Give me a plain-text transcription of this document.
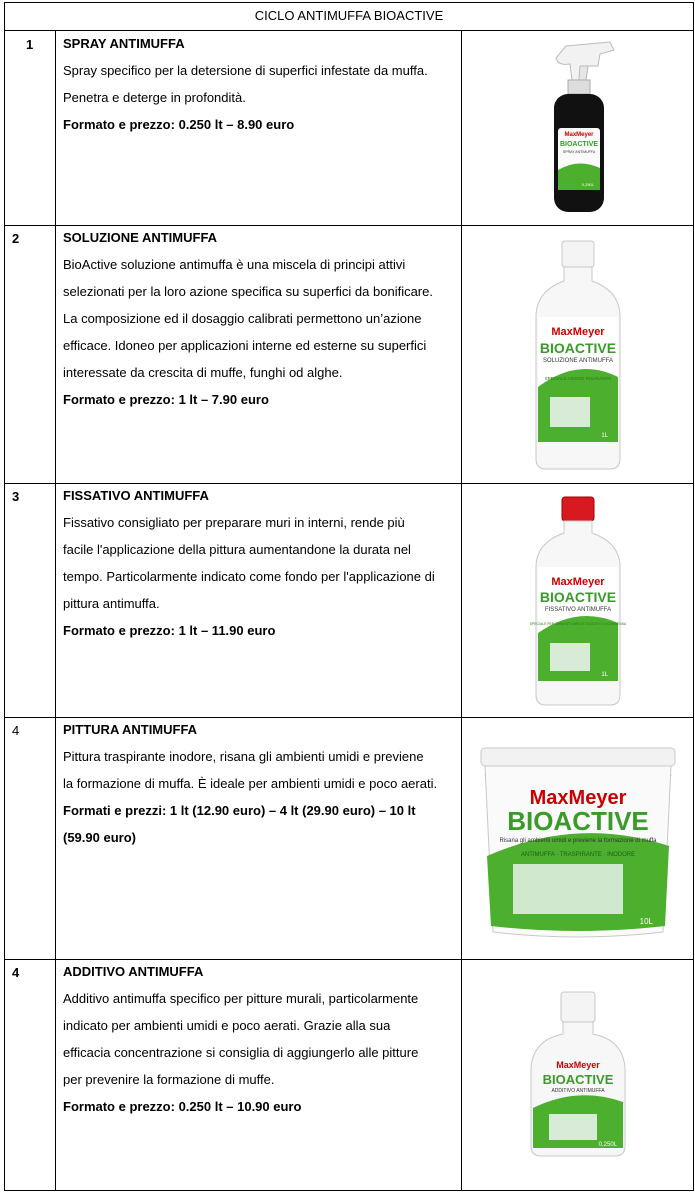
CICLO ANTIMUFFA BIOACTIVE
1 SPRAY ANTIMUFFA
Spray specifico per la detersione di superfici infestate da muffa.
Penetra e deterge in profondità.
Formato e prezzo: 0.250 lt – 8.90 euro
MaxMeyer
BIOACTIVE
SPRAY ANTIMUFFA
0,250L
2	SOLUZIONE ANTIMUFFA
BioActive soluzione antimuffa è una miscela di principi attivi
selezionati per la loro azione specifica su superfici da bonificare.
La composizione ed il dosaggio calibrati permettono un’azione
efficace. Idoneo per applicazioni interne ed esterne su superfici
interessate da crescita di muffe, funghi od alghe.
Formato e prezzo: 1 lt – 7.90 euro
MaxMeyer
BIOACTIVE
SOLUZIONE ANTIMUFFA
SPECIALE AZIONE RISANANTE
1L
3	FISSATIVO ANTIMUFFA
Fissativo consigliato per preparare muri in interni, rende più
facile l'applicazione della pittura aumentandone la durata nel
tempo. Particolarmente indicato come fondo per l'applicazione di
pittura antimuffa.
Formato e prezzo: 1 lt – 11.90 euro
MaxMeyer
BIOACTIVE
FISSATIVO ANTIMUFFA
SPECIALE PER AMBIENTI UMIDI E SOGGETTI A CONDENSA
1L
4	PITTURA ANTIMUFFA
Pittura traspirante inodore, risana gli ambienti umidi e previene
la formazione di muffa. È ideale per ambienti umidi e poco aerati.
Formati e prezzi: 1 lt (12.90 euro) – 4 lt (29.90 euro) – 10 lt
(59.90 euro)
MaxMeyer
BIOACTIVE
Risana gli ambienti umidi e previene la formazione di muffa
ANTIMUFFA · TRASPIRANTE · INODORE
10L
4	ADDITIVO ANTIMUFFA
Additivo antimuffa specifico per pitture murali, particolarmente
indicato per ambienti umidi e poco aerati. Grazie alla sua
efficacia concentrazione si consiglia di aggiungerlo alle pitture
per prevenire la formazione di muffe.
Formato e prezzo: 0.250 lt – 10.90 euro
MaxMeyer
BIOACTIVE
ADDITIVO ANTIMUFFA
0,250L
